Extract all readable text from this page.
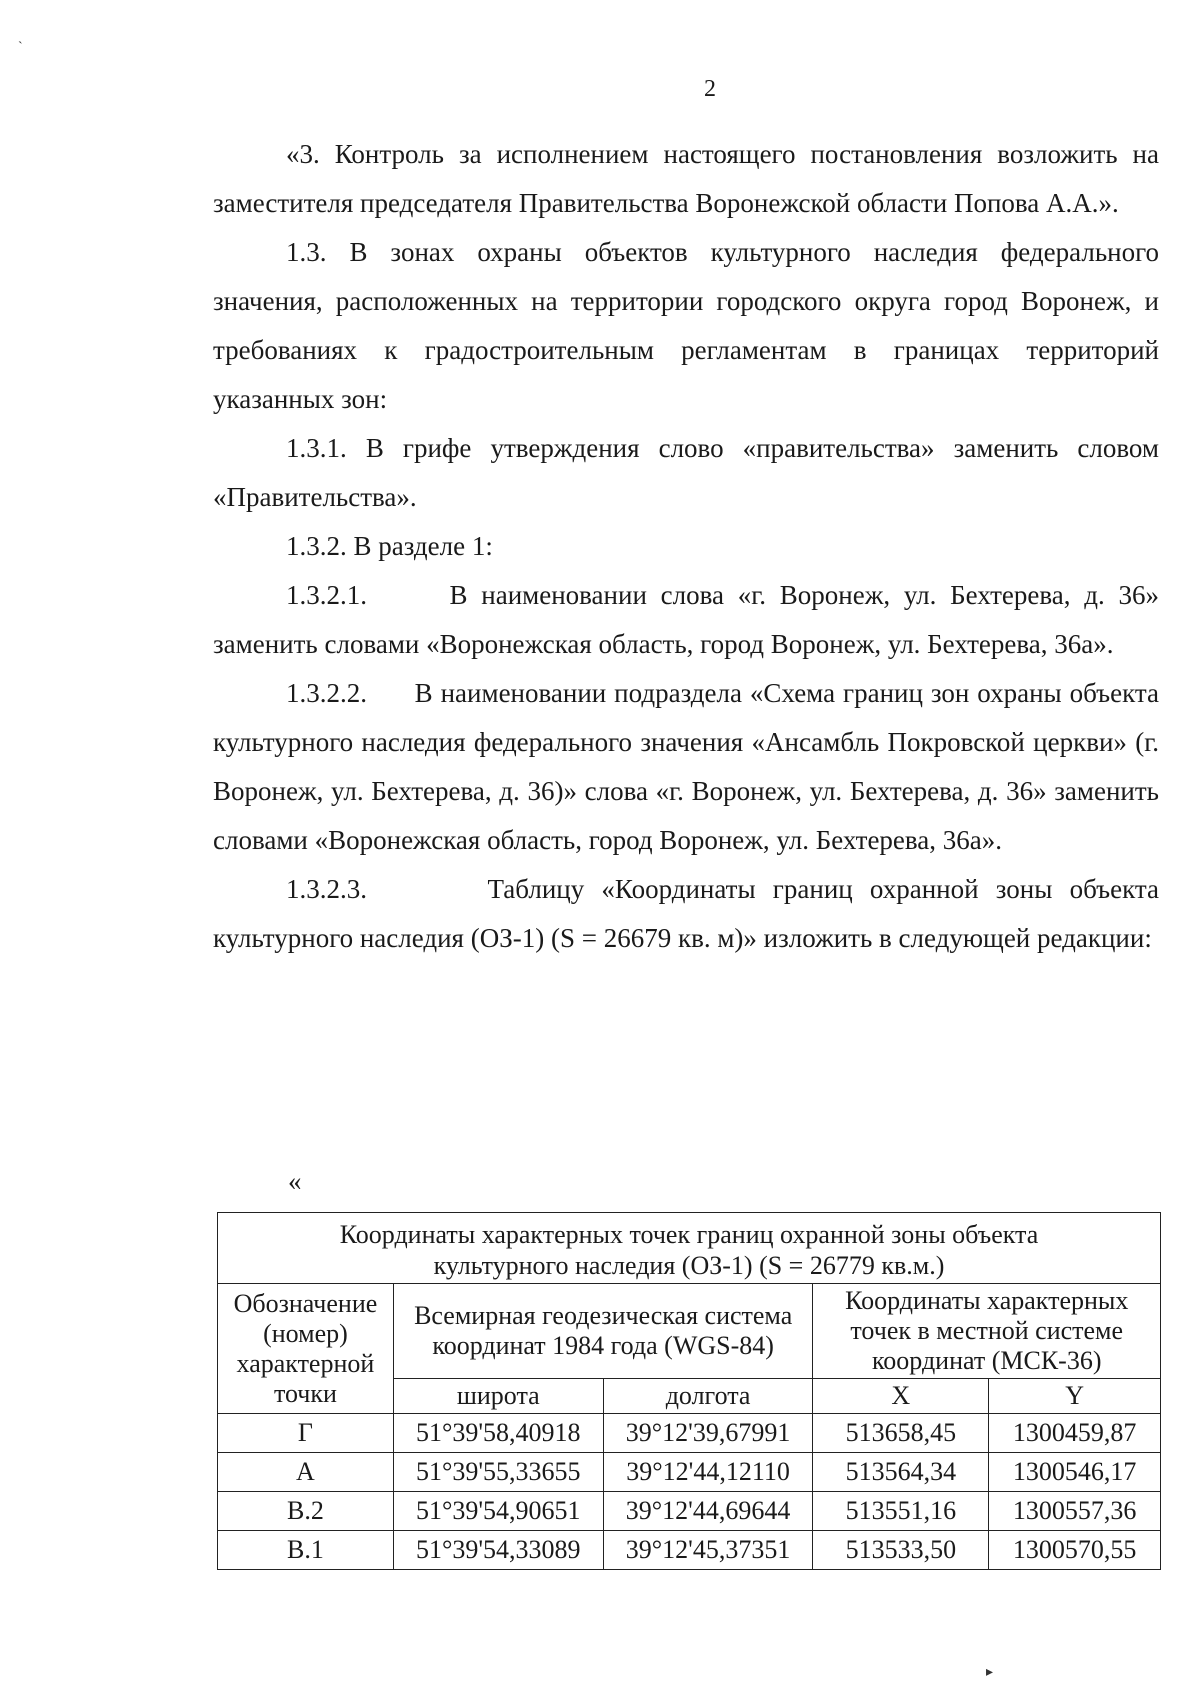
`
2

«3. Контроль за исполнением настоящего постановления возложить на заместителя председателя Правительства Воронежской области Попова А.А.».

1.3. В зонах охраны объектов культурного наследия федерального значения, расположенных на территории городского округа город Воронеж, и требованиях к градостроительным регламентам в границах территорий указанных зон:

1.3.1. В грифе утверждения слово «правительства» заменить словом «Правительства».

1.3.2. В разделе 1:

1.3.2.1.      В наименовании слова «г. Воронеж, ул. Бехтерева, д. 36» заменить словами «Воронежская область, город Воронеж, ул. Бехтерева, 36а».

1.3.2.2.      В наименовании подраздела «Схема границ зон охраны объекта культурного наследия федерального значения «Ансамбль Покровской церкви» (г. Воронеж, ул. Бехтерева, д. 36)» слова «г. Воронеж, ул. Бехтерева, д. 36» заменить словами «Воронежская область, город Воронеж, ул. Бехтерева, 36а».

1.3.2.3.       Таблицу «Координаты границ охранной зоны объекта культурного наследия (ОЗ-1) (S = 26679 кв. м)» изложить в следующей редакции:

«
Координаты характерных точек границ охранной зоны объекта
культурного наследия (ОЗ-1) (S = 26779 кв.м.)				

Обозначение (номер) характерной точки	Всемирная геодезическая система координат 1984 года (WGS-84)		Координаты характерных точек в местной системе координат (МСК-36)	
	широта	долгота	X	Y
Г	51°39'58,40918	39°12'39,67991	513658,45	1300459,87
А	51°39'55,33655	39°12'44,12110	513564,34	1300546,17
В.2	51°39'54,90651	39°12'44,69644	513551,16	1300557,36
В.1	51°39'54,33089	39°12'45,37351	513533,50	1300570,55
▸
